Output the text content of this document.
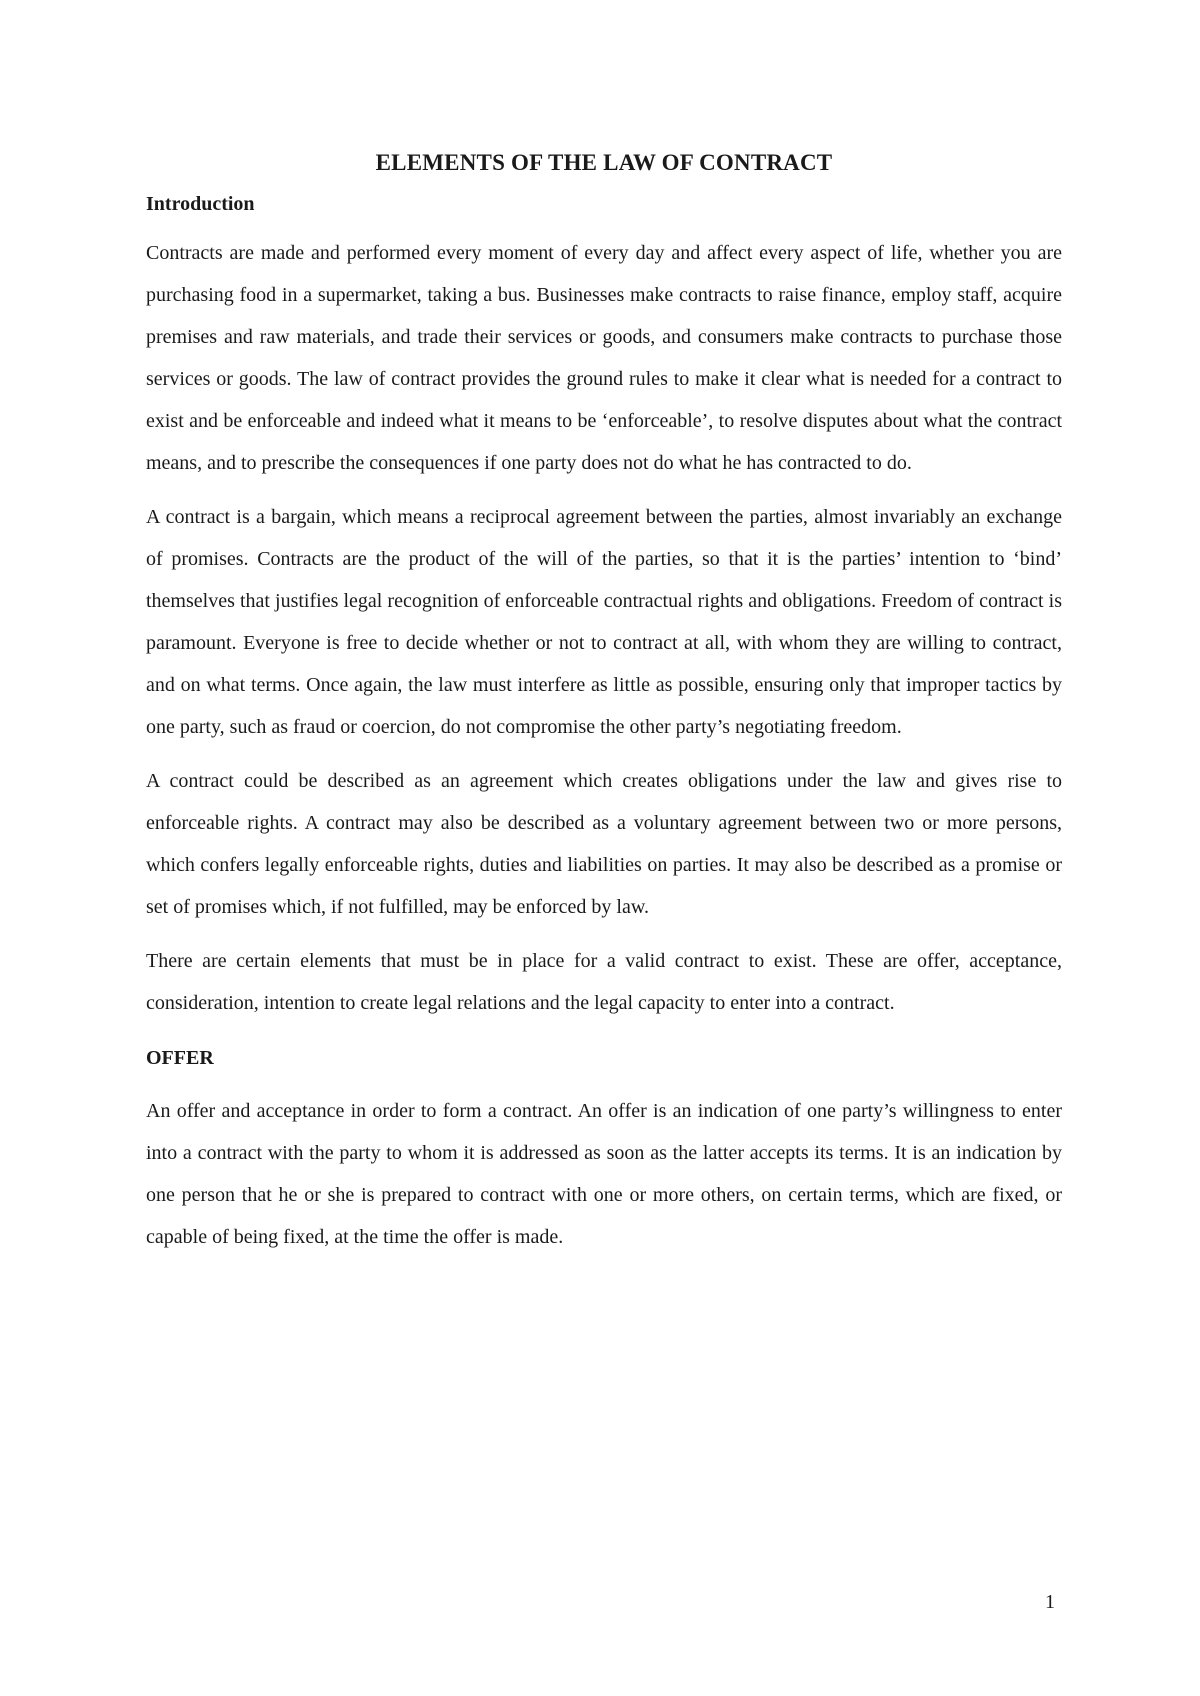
ELEMENTS OF THE LAW OF CONTRACT
Introduction

Contracts are made and performed every moment of every day and affect every aspect of life, whether you are purchasing food in a supermarket, taking a bus. Businesses make contracts to raise finance, employ staff, acquire premises and raw materials, and trade their services or goods, and consumers make contracts to purchase those services or goods. The law of contract provides the ground rules to make it clear what is needed for a contract to exist and be enforceable and indeed what it means to be ‘enforceable’, to resolve disputes about what the contract means, and to prescribe the consequences if one party does not do what he has contracted to do.

A contract is a bargain, which means a reciprocal agreement between the parties, almost invariably an exchange of promises. Contracts are the product of the will of the parties, so that it is the parties’ intention to ‘bind’ themselves that justifies legal recognition of enforceable contractual rights and obligations. Freedom of contract is paramount. Everyone is free to decide whether or not to contract at all, with whom they are willing to contract, and on what terms. Once again, the law must interfere as little as possible, ensuring only that improper tactics by one party, such as fraud or coercion, do not compromise the other party’s negotiating freedom.

A contract could be described as an agreement which creates obligations under the law and gives rise to enforceable rights. A contract may also be described as a voluntary agreement between two or more persons, which confers legally enforceable rights, duties and liabilities on parties. It may also be described as a promise or set of promises which, if not fulfilled, may be enforced by law.

There are certain elements that must be in place for a valid contract to exist. These are offer, acceptance, consideration, intention to create legal relations and the legal capacity to enter into a contract.

OFFER

An offer and acceptance in order to form a contract. An offer is an indication of one party’s willingness to enter into a contract with the party to whom it is addressed as soon as the latter accepts its terms. It is an indication by one person that he or she is prepared to contract with one or more others, on certain terms, which are fixed, or capable of being fixed, at the time the offer is made.

1
